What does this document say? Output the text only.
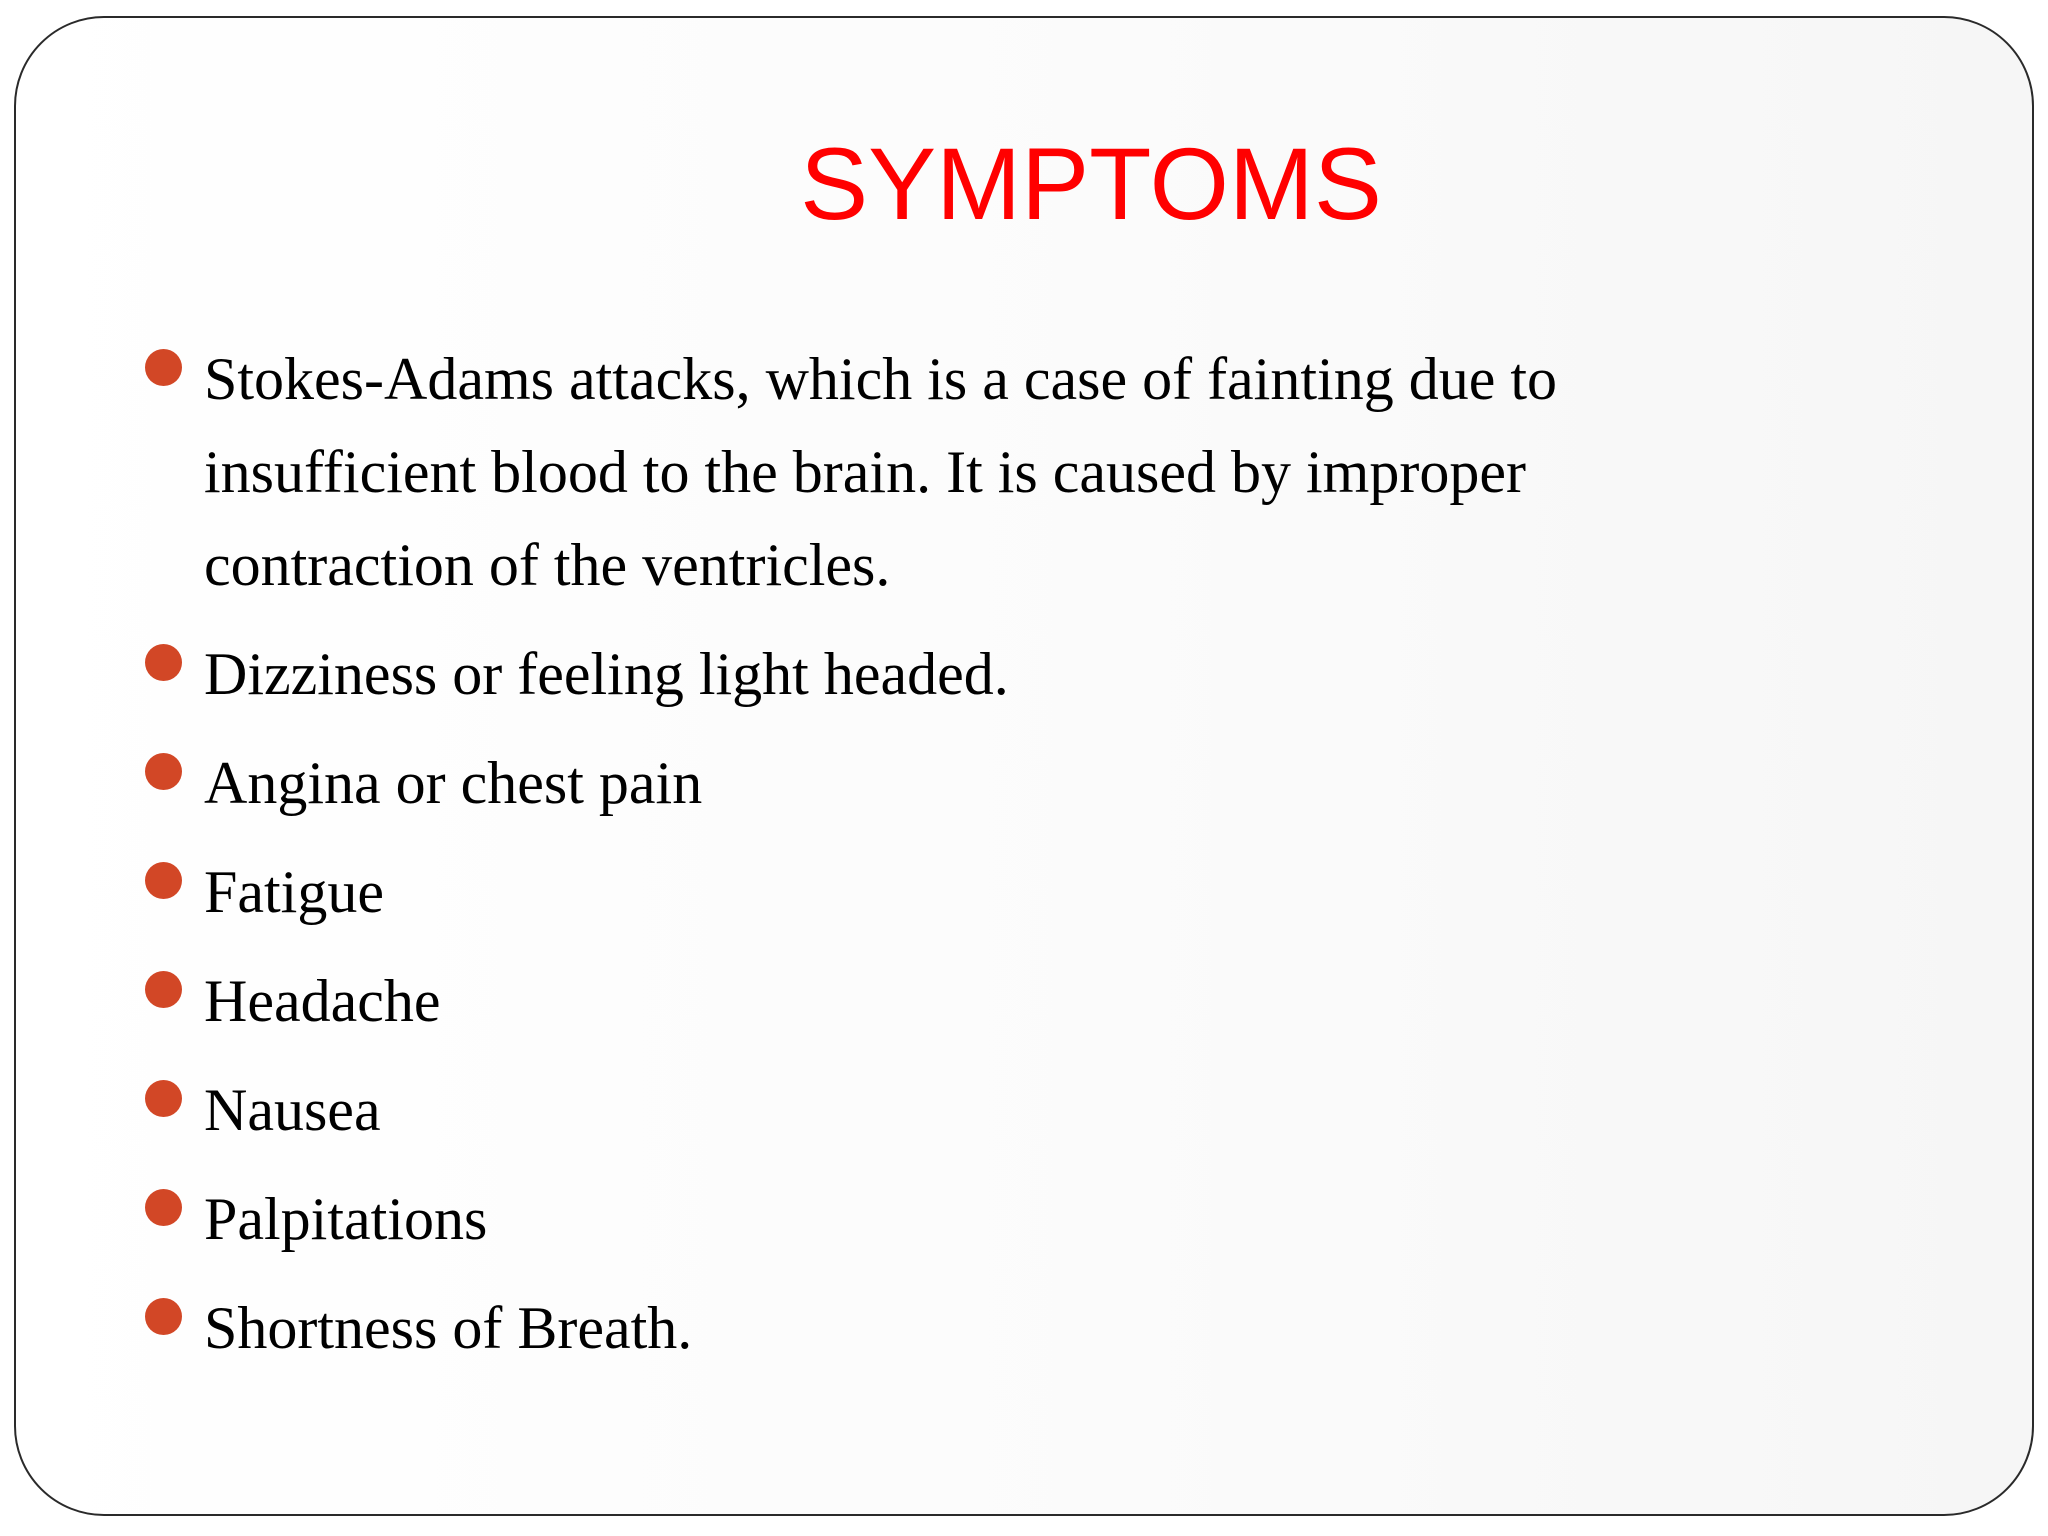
SYMPTOMS
Stokes-Adams attacks, which is a case of fainting due to insufficient blood to the brain. It is caused by improper contraction of the ventricles.
Dizziness or feeling light headed.
Angina or chest pain
Fatigue
Headache
Nausea
Palpitations
Shortness of Breath.
